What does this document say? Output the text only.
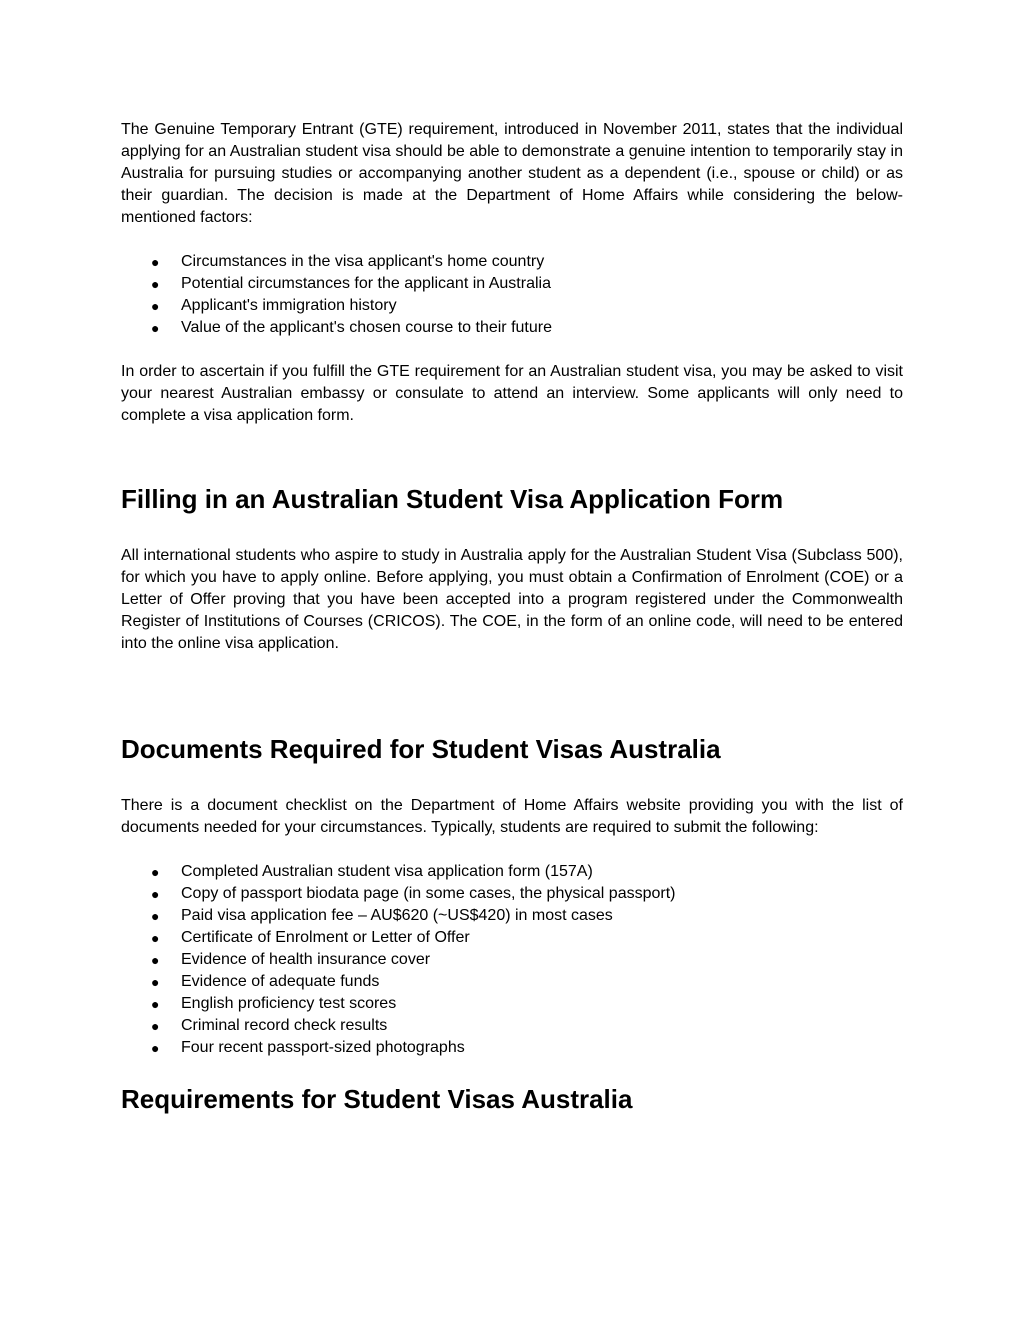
The Genuine Temporary Entrant (GTE) requirement, introduced in November 2011, states that the individual applying for an Australian student visa should be able to demonstrate a genuine intention to temporarily stay in Australia for pursuing studies or accompanying another student as a dependent (i.e., spouse or child) or as their guardian. The decision is made at the Department of Home Affairs while considering the below-mentioned factors:

● Circumstances in the visa applicant's home country
● Potential circumstances for the applicant in Australia
● Applicant's immigration history
● Value of the applicant's chosen course to their future

In order to ascertain if you fulfill the GTE requirement for an Australian student visa, you may be asked to visit your nearest Australian embassy or consulate to attend an interview. Some applicants will only need to complete a visa application form.

Filling in an Australian Student Visa Application Form

All international students who aspire to study in Australia apply for the Australian Student Visa (Subclass 500), for which you have to apply online. Before applying, you must obtain a Confirmation of Enrolment (COE) or a Letter of Offer proving that you have been accepted into a program registered under the Commonwealth Register of Institutions of Courses (CRICOS). The COE, in the form of an online code, will need to be entered into the online visa application.

Documents Required for Student Visas Australia

There is a document checklist on the Department of Home Affairs website providing you with the list of documents needed for your circumstances. Typically, students are required to submit the following:

● Completed Australian student visa application form (157A)
● Copy of passport biodata page (in some cases, the physical passport)
● Paid visa application fee – AU$620 (~US$420) in most cases
● Certificate of Enrolment or Letter of Offer
● Evidence of health insurance cover
● Evidence of adequate funds
● English proficiency test scores
● Criminal record check results
● Four recent passport-sized photographs
Requirements for Student Visas Australia
